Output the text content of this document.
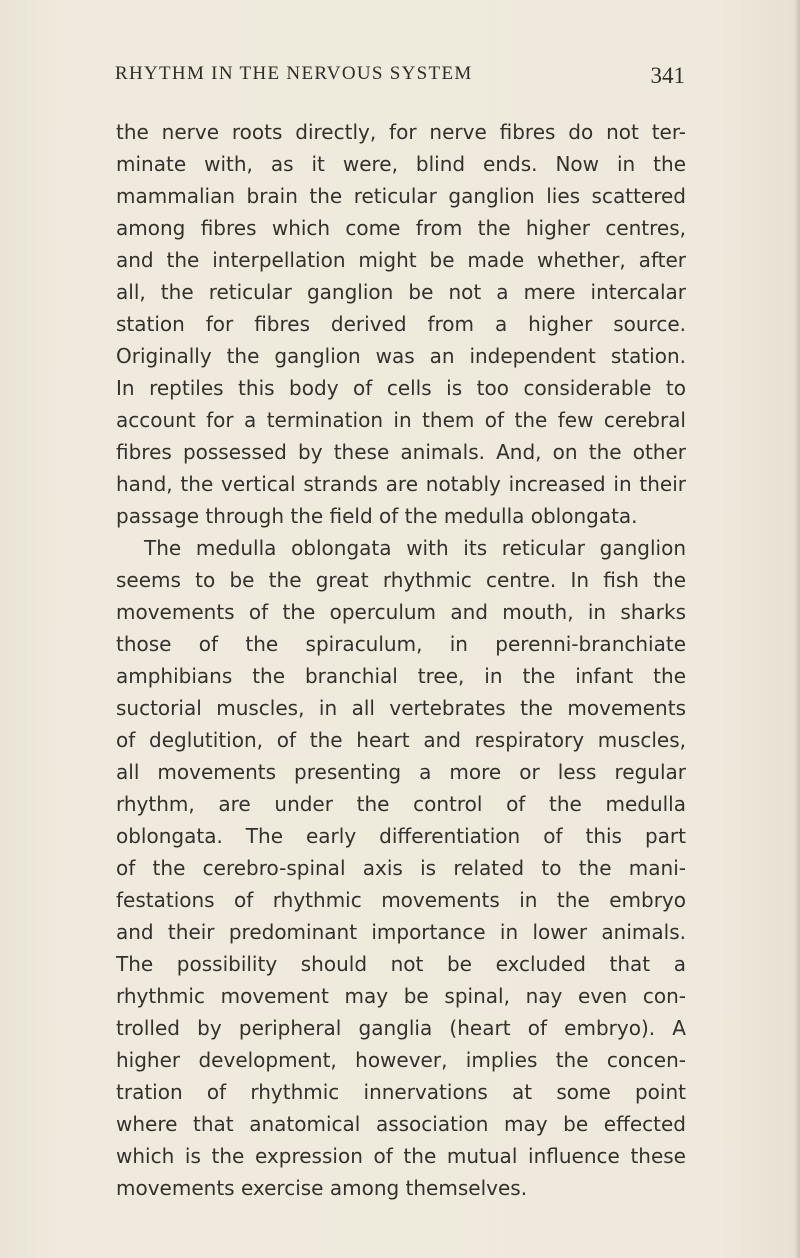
RHYTHM IN THE NERVOUS SYSTEM	341
the nerve roots directly, for nerve fibres do not ter-
minate with, as it were, blind ends. Now in the
mammalian brain the reticular ganglion lies scattered
among fibres which come from the higher centres,
and the interpellation might be made whether, after
all, the reticular ganglion be not a mere intercalar
station for fibres derived from a higher source.
Originally the ganglion was an independent station.
In reptiles this body of cells is too considerable to
account for a termination in them of the few cerebral
fibres possessed by these animals. And, on the other
hand, the vertical strands are notably increased in their
passage through the field of the medulla oblongata.
The medulla oblongata with its reticular ganglion
seems to be the great rhythmic centre. In fish the
movements of the operculum and mouth, in sharks
those of the spiraculum, in perenni-branchiate
amphibians the branchial tree, in the infant the
suctorial muscles, in all vertebrates the movements
of deglutition, of the heart and respiratory muscles,
all movements presenting a more or less regular
rhythm, are under the control of the medulla
oblongata. The early differentiation of this part
of the cerebro-spinal axis is related to the mani-
festations of rhythmic movements in the embryo
and their predominant importance in lower animals.
The possibility should not be excluded that a
rhythmic movement may be spinal, nay even con-
trolled by peripheral ganglia (heart of embryo). A
higher development, however, implies the concen-
tration of rhythmic innervations at some point
where that anatomical association may be effected
which is the expression of the mutual influence these
movements exercise among themselves.
